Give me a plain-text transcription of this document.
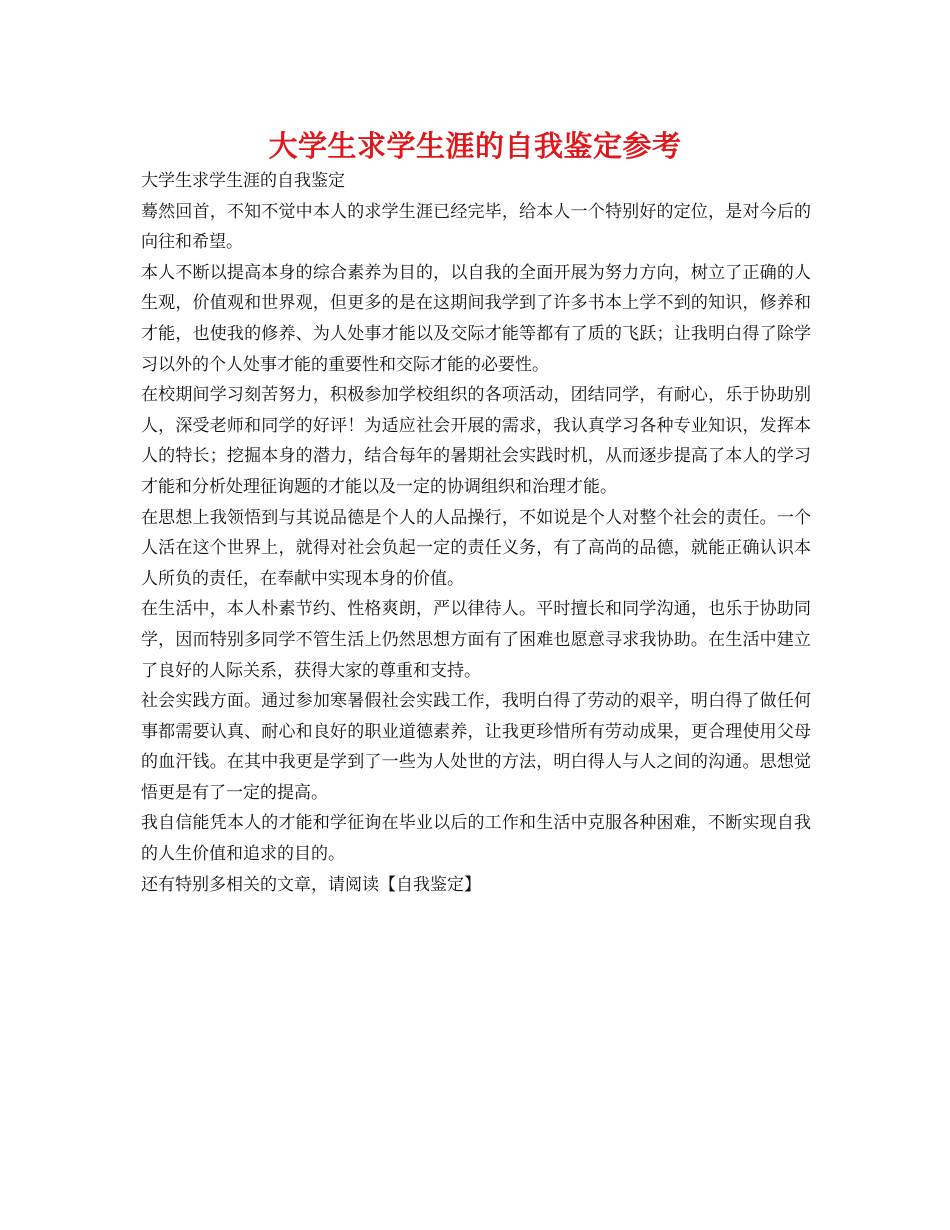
大学生求学生涯的自我鉴定参考

大学生求学生涯的自我鉴定

蓦然回首，不知不觉中本人的求学生涯已经完毕，给本人一个特别好的定位，是对今后的向往和希望。

本人不断以提高本身的综合素养为目的，以自我的全面开展为努力方向，树立了正确的人生观，价值观和世界观，但更多的是在这期间我学到了许多书本上学不到的知识，修养和才能，也使我的修养、为人处事才能以及交际才能等都有了质的飞跃；让我明白得了除学习以外的个人处事才能的重要性和交际才能的必要性。

在校期间学习刻苦努力，积极参加学校组织的各项活动，团结同学，有耐心，乐于协助别人，深受老师和同学的好评！为适应社会开展的需求，我认真学习各种专业知识，发挥本人的特长；挖掘本身的潜力，结合每年的暑期社会实践时机，从而逐步提高了本人的学习才能和分析处理征询题的才能以及一定的协调组织和治理才能。

在思想上我领悟到与其说品德是个人的人品操行，不如说是个人对整个社会的责任。一个人活在这个世界上，就得对社会负起一定的责任义务，有了高尚的品德，就能正确认识本人所负的责任，在奉献中实现本身的价值。

在生活中，本人朴素节约、性格爽朗，严以律待人。平时擅长和同学沟通，也乐于协助同学，因而特别多同学不管生活上仍然思想方面有了困难也愿意寻求我协助。在生活中建立了良好的人际关系，获得大家的尊重和支持。

社会实践方面。通过参加寒暑假社会实践工作，我明白得了劳动的艰辛，明白得了做任何事都需要认真、耐心和良好的职业道德素养，让我更珍惜所有劳动成果，更合理使用父母的血汗钱。在其中我更是学到了一些为人处世的方法，明白得人与人之间的沟通。思想觉悟更是有了一定的提高。

我自信能凭本人的才能和学征询在毕业以后的工作和生活中克服各种困难，不断实现自我的人生价值和追求的目的。

还有特别多相关的文章，请阅读【自我鉴定】
